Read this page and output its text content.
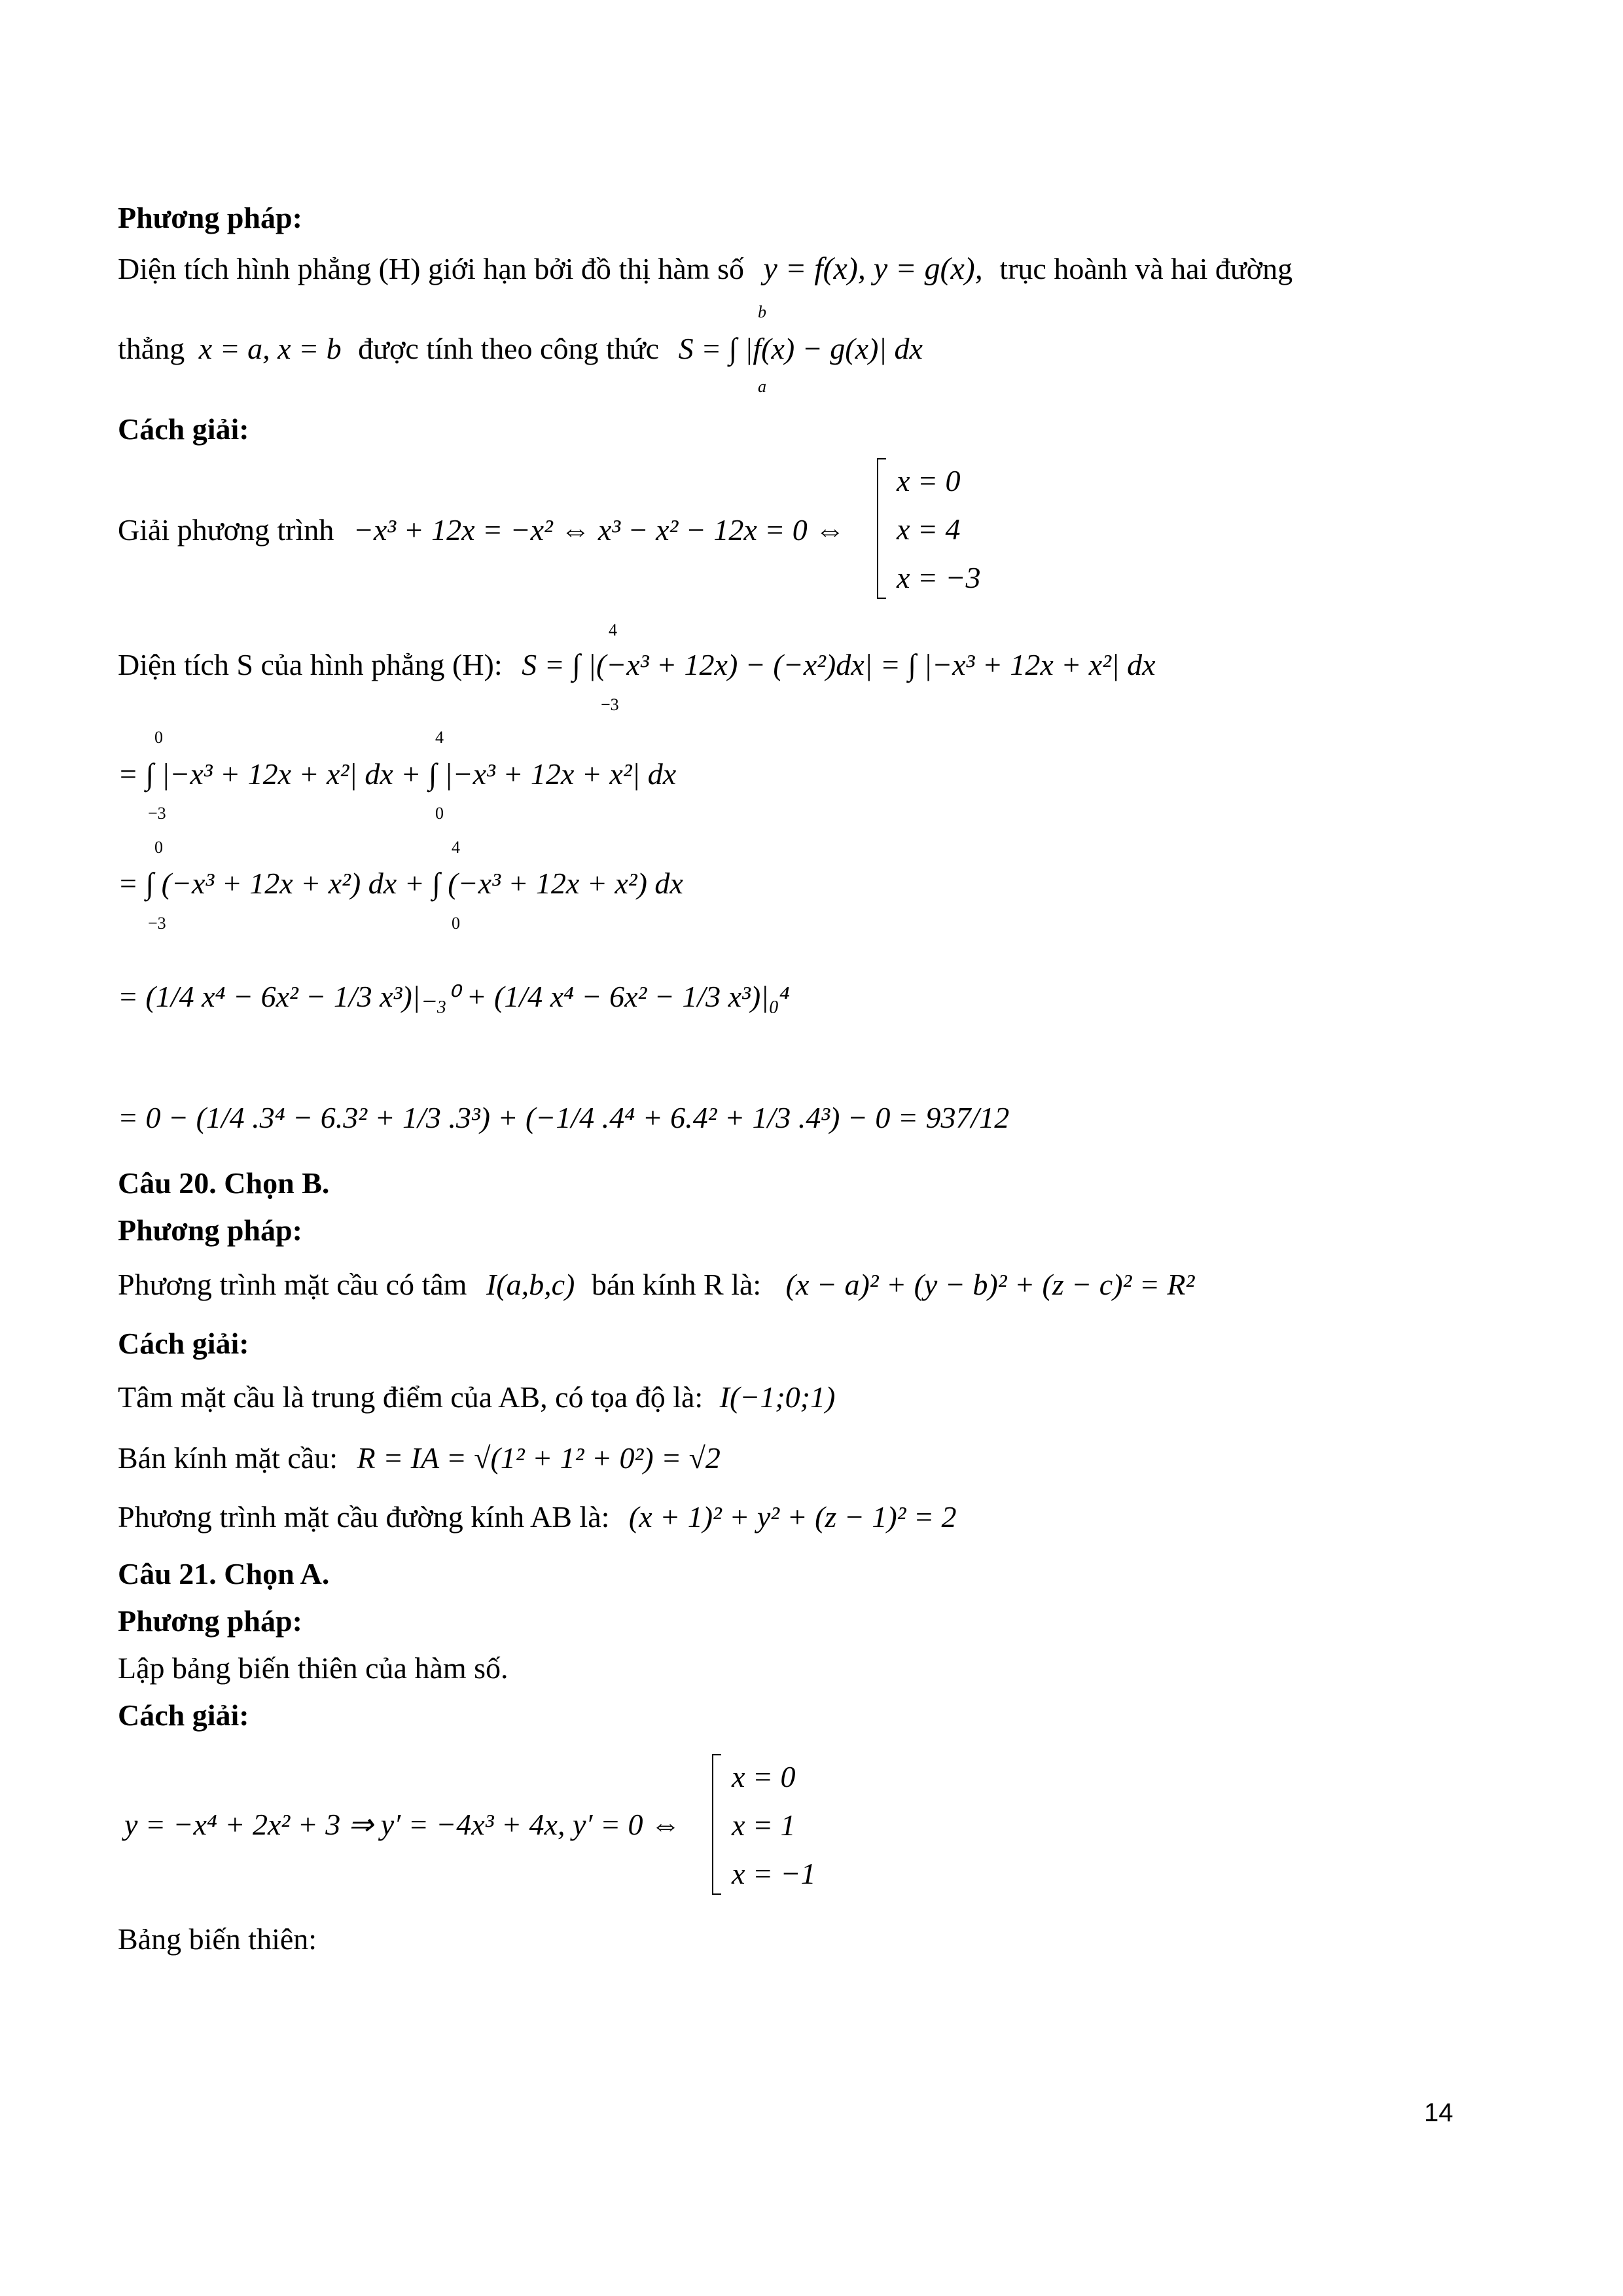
Phương pháp:
Diện tích hình phẳng (H) giới hạn bởi đồ thị hàm số y = f(x), y = g(x), trục hoành và hai đường
thẳng x = a, x = b được tính theo công thức S = ∫ |f(x) − g(x)| dx
b
a
Cách giải:
Giải phương trình −x³ + 12x = −x² ⇔ x³ − x² − 12x = 0 ⇔
x = 0
x = 4
x = −3
Diện tích S của hình phẳng (H): S = ∫ |(−x³ + 12x) − (−x²)dx| = ∫ |−x³ + 12x + x²| dx
4
−3
= ∫ |−x³ + 12x + x²| dx + ∫ |−x³ + 12x + x²| dx
0
−3
4
0
= ∫ (−x³ + 12x + x²) dx + ∫ (−x³ + 12x + x²) dx
0
−3
4
0
= (1/4 x⁴ − 6x² − 1/3 x³)|₋₃⁰ + (1/4 x⁴ − 6x² − 1/3 x³)|₀⁴
= 0 − (1/4 .3⁴ − 6.3² + 1/3 .3³) + (−1/4 .4⁴ + 6.4² + 1/3 .4³) − 0 = 937/12
Câu 20. Chọn B.
Phương pháp:
Phương trình mặt cầu có tâm I(a,b,c) bán kính R là: (x − a)² + (y − b)² + (z − c)² = R²
Cách giải:
Tâm mặt cầu là trung điểm của AB, có tọa độ là: I(−1;0;1)
Bán kính mặt cầu: R = IA = √(1² + 1² + 0²) = √2
Phương trình mặt cầu đường kính AB là: (x + 1)² + y² + (z − 1)² = 2
Câu 21. Chọn A.
Phương pháp:
Lập bảng biến thiên của hàm số.
Cách giải:
y = −x⁴ + 2x² + 3 ⇒ y′ = −4x³ + 4x, y′ = 0 ⇔
x = 0
x = 1
x = −1
Bảng biến thiên:
14
